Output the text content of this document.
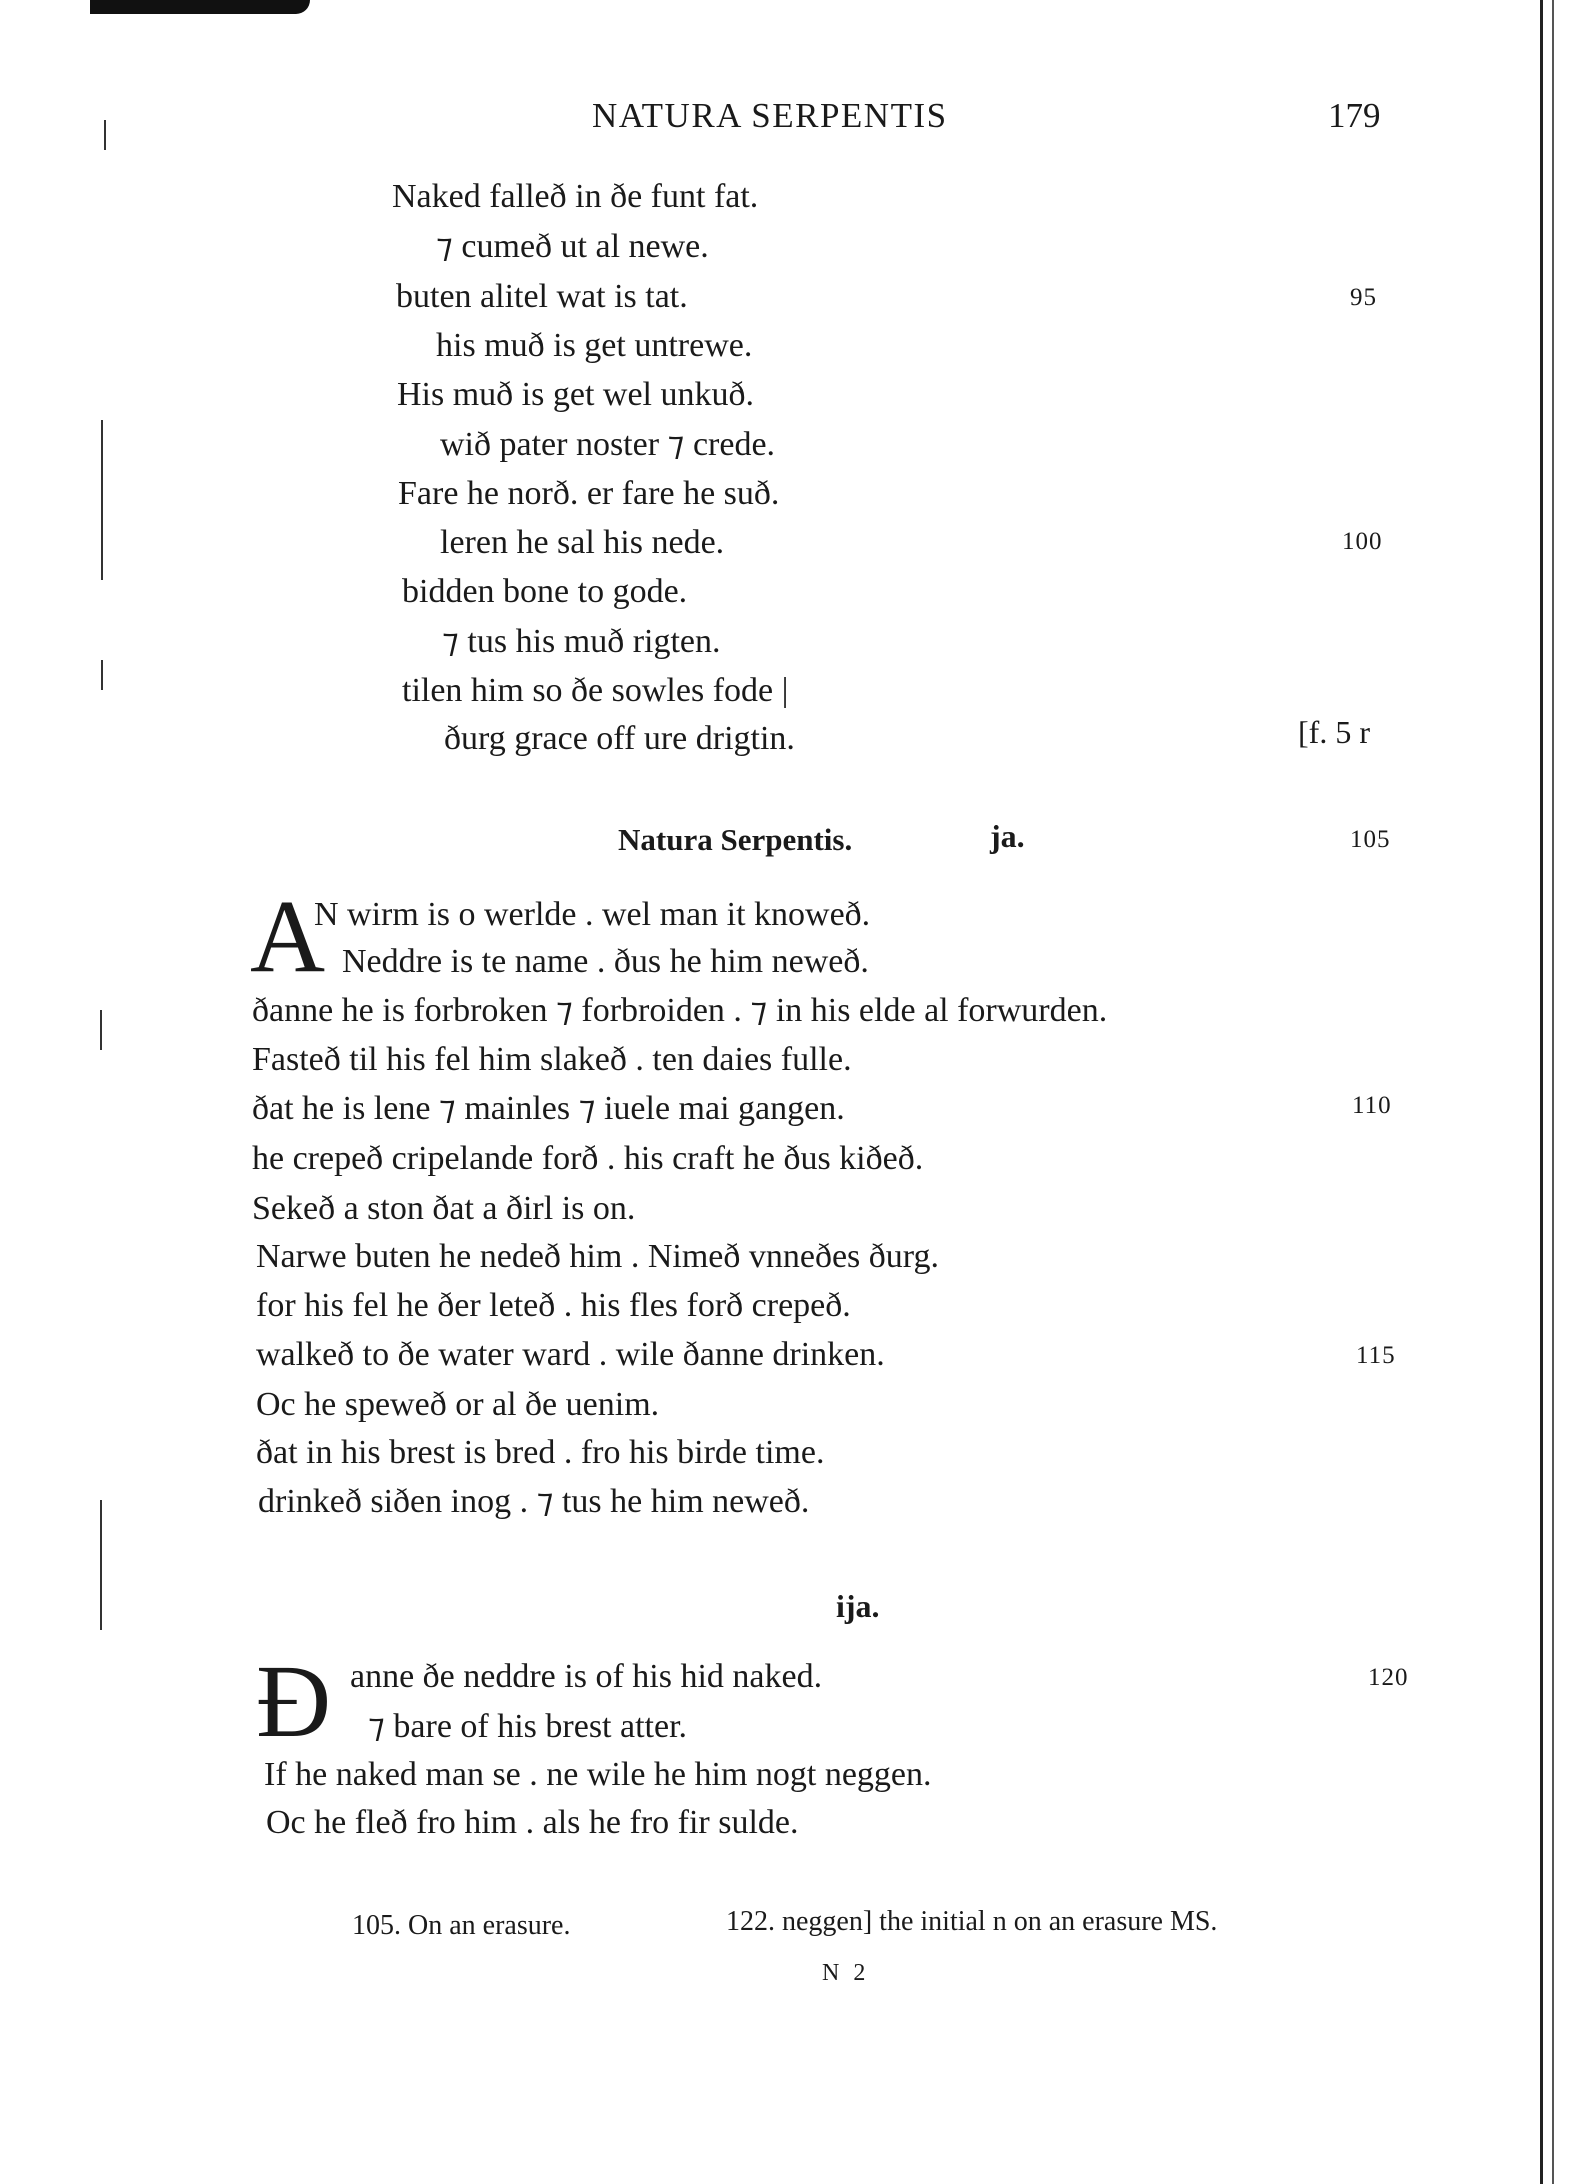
NATURA SERPENTIS	179
Naked falleð in ðe funt fat.
⁊ cumeð ut al newe.
buten alitel wat is tat.
his muð is get untrewe.
His muð is get wel unkuð.
wið pater noster ⁊ crede.
Fare he norð. er fare he suð.
leren he sal his nede.
bidden bone to gode.
⁊ tus his muð rigten.
tilen him so ðe sowles fode |
ðurg grace off ure drigtin.
95
100
[f. 5 r
Natura Serpentis.	ja.	105
A
N wirm is o werlde . wel man it knoweð.
Neddre is te name . ðus he him neweð.
ðanne he is forbroken ⁊ forbroiden . ⁊ in his elde al forwurden.
Fasteð til his fel him slakeð . ten daies fulle.
ðat he is lene ⁊ mainles ⁊ iuele mai gangen.
he crepeð cripelande forð . his craft he ðus kiðeð.
Sekeð a ston ðat a ðirl is on.
Narwe buten he nedeð him . Nimeð vnneðes ðurg.
for his fel he ðer leteð . his fles forð crepeð.
walkeð to ðe water ward . wile ðanne drinken.
Oc he speweð or al ðe uenim.
ðat in his brest is bred . fro his birde time.
drinkeð siðen inog . ⁊ tus he him neweð.
110
115
ija.
Ð anne ðe neddre is of his hid naked.
⁊ bare of his brest atter.
If he naked man se . ne wile he him nogt neggen.
Oc he fleð fro him . als he fro fir sulde.
120
105. On an erasure.	122. neggen] the initial n on an erasure MS.
N 2
